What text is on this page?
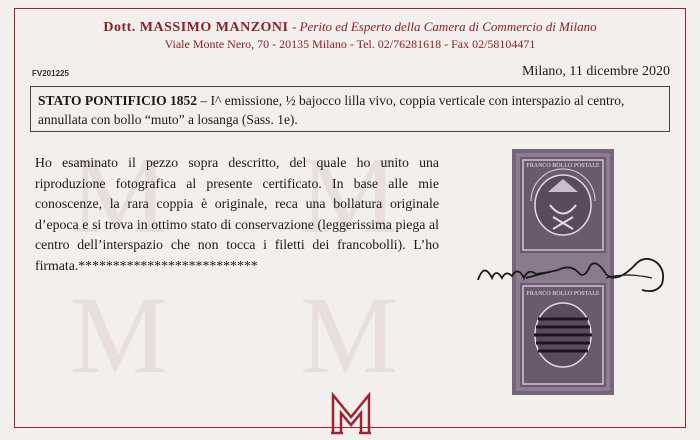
M
M
M
M
Dott. MASSIMO MANZONI - Perito ed Esperto della Camera di Commercio di Milano
Viale Monte Nero, 70 - 20135 Milano - Tel. 02/76281618 - Fax 02/58104471
FV201225	Milano, 11 dicembre 2020
STATO PONTIFICIO 1852 – I^ emissione, ½ bajocco lilla vivo, coppia verticale con interspazio al centro, annullata con bollo “muto” a losanga (Sass. 1e).
Ho esaminato il pezzo sopra descritto, del quale ho unito una riproduzione fotografica al presente certificato. In base alle mie conoscenze, la rara coppia è originale, reca una bollatura originale d’epoca e si trova in ottimo stato di conservazione (leggerissima piega al centro dell’interspazio che non tocca i filetti dei francobolli). L’ho firmata.**************************
FRANCO BOLLO POSTALE
FRANCO BOLLO POSTALE
